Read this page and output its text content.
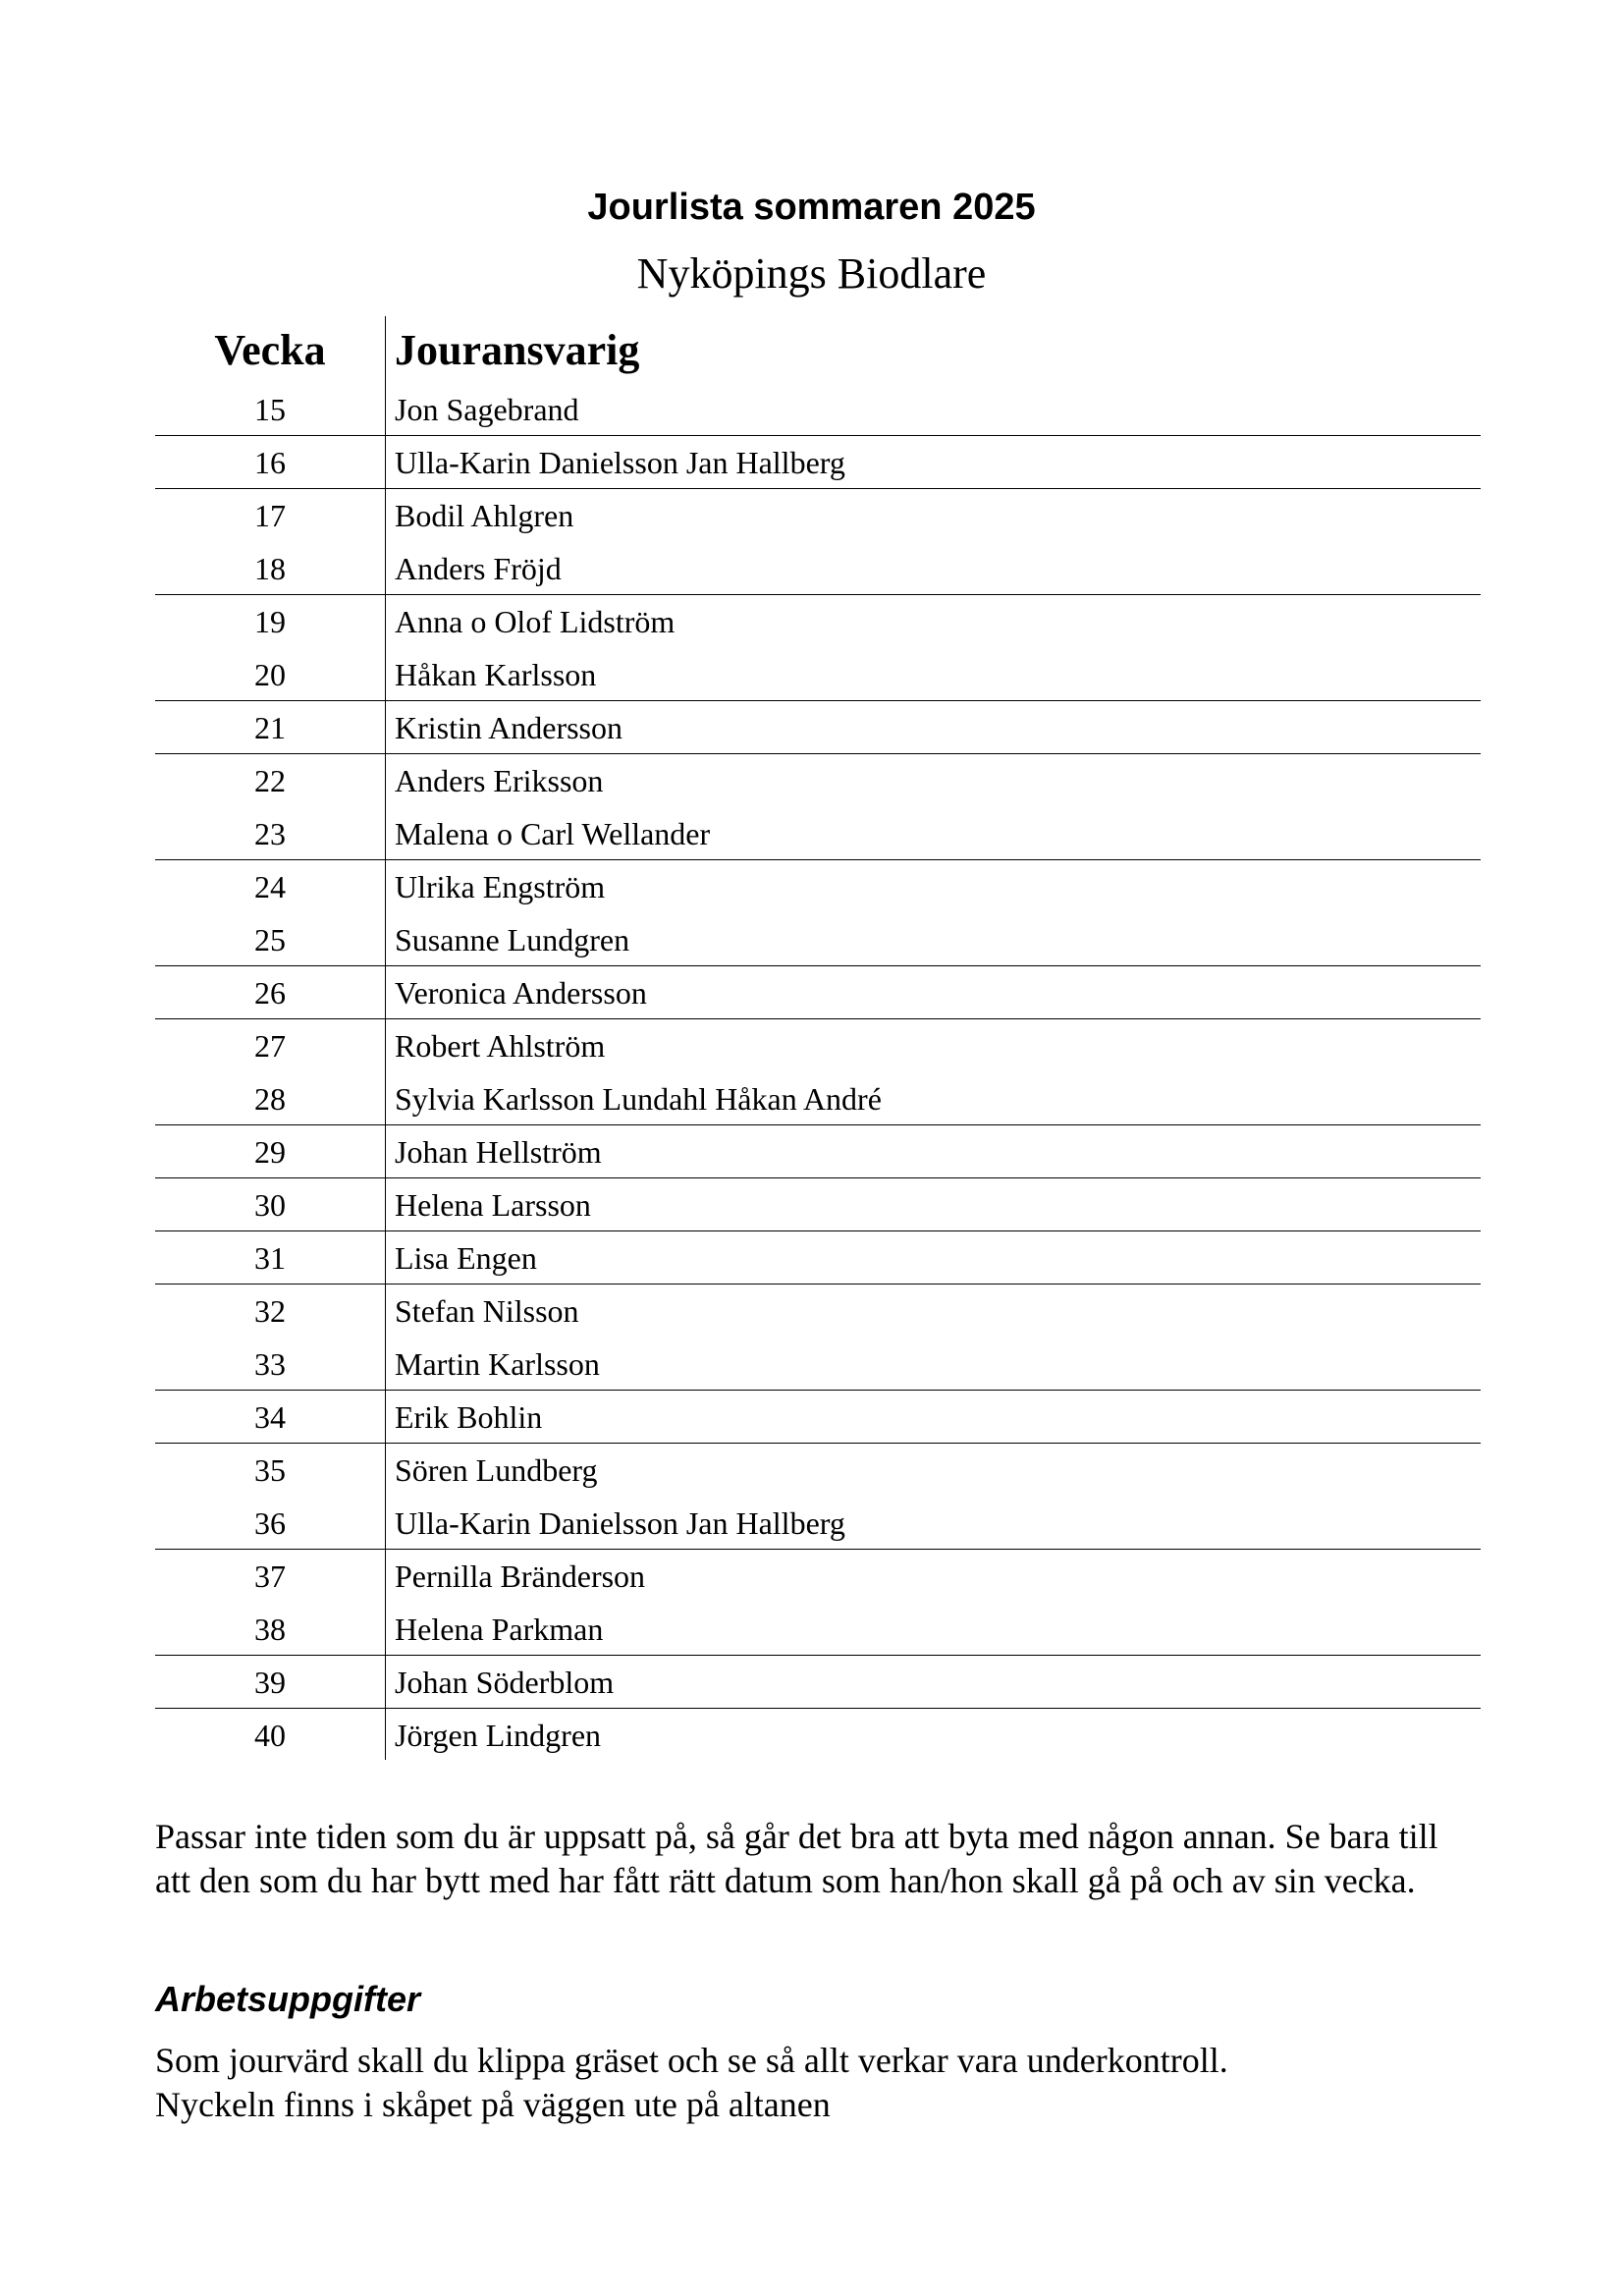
Jourlista sommaren 2025
Nyköpings Biodlare
Vecka	Jouransvarig
15	Jon Sagebrand
16	Ulla-Karin Danielsson Jan Hallberg
17	Bodil Ahlgren
18	Anders Fröjd
19	Anna o Olof Lidström
20	Håkan Karlsson
21	Kristin Andersson
22	Anders Eriksson
23	Malena o Carl Wellander
24	Ulrika Engström
25	Susanne Lundgren
26	Veronica Andersson
27	Robert Ahlström
28	Sylvia Karlsson Lundahl Håkan André
29	Johan Hellström
30	Helena Larsson
31	Lisa Engen
32	Stefan Nilsson
33	Martin Karlsson
34	Erik Bohlin
35	Sören Lundberg
36	Ulla-Karin Danielsson Jan Hallberg
37	Pernilla Bränderson
38	Helena Parkman
39	Johan Söderblom
40	Jörgen Lindgren

Passar inte tiden som du är uppsatt på, så går det bra att byta med någon annan. Se bara till att den som du har bytt med har fått rätt datum som han/hon skall gå på och av sin vecka.

Arbetsuppgifter

Som jourvärd skall du klippa gräset och se så allt verkar vara underkontroll.

Nyckeln finns i skåpet på väggen ute på altanen
